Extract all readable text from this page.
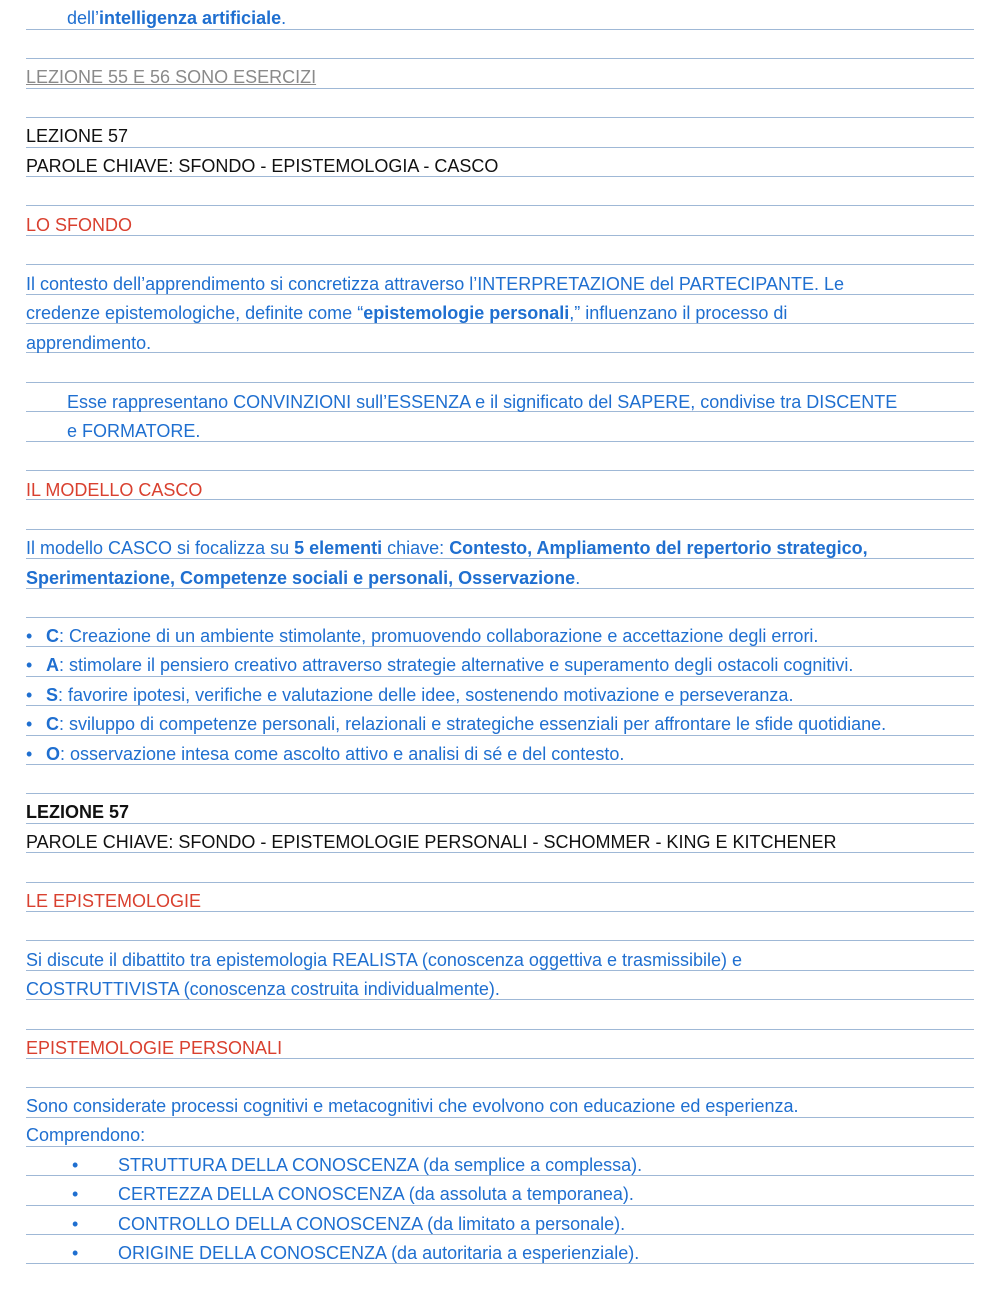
dell’intelligenza artificiale.
LEZIONE 55 E 56 SONO ESERCIZI
LEZIONE 57
PAROLE CHIAVE: SFONDO - EPISTEMOLOGIA - CASCO
LO SFONDO
Il contesto dell’apprendimento si concretizza attraverso l’INTERPRETAZIONE del PARTECIPANTE. Le
credenze epistemologiche, definite come “epistemologie personali,” influenzano il processo di
apprendimento.
Esse rappresentano CONVINZIONI sull’ESSENZA e il significato del SAPERE, condivise tra DISCENTE
e FORMATORE.
IL MODELLO CASCO
Il modello CASCO si focalizza su 5 elementi chiave: Contesto, Ampliamento del repertorio strategico,
Sperimentazione, Competenze sociali e personali, Osservazione.
• C: Creazione di un ambiente stimolante, promuovendo collaborazione e accettazione degli errori.
• A: stimolare il pensiero creativo attraverso strategie alternative e superamento degli ostacoli cognitivi.
• S: favorire ipotesi, verifiche e valutazione delle idee, sostenendo motivazione e perseveranza.
• C: sviluppo di competenze personali, relazionali e strategiche essenziali per affrontare le sfide quotidiane.
• O: osservazione intesa come ascolto attivo e analisi di sé e del contesto.
LEZIONE 57
PAROLE CHIAVE: SFONDO - EPISTEMOLOGIE PERSONALI - SCHOMMER - KING E KITCHENER
LE EPISTEMOLOGIE
Si discute il dibattito tra epistemologia REALISTA (conoscenza oggettiva e trasmissibile) e
COSTRUTTIVISTA (conoscenza costruita individualmente).
EPISTEMOLOGIE PERSONALI
Sono considerate processi cognitivi e metacognitivi che evolvono con educazione ed esperienza.
Comprendono:
•	STRUTTURA DELLA CONOSCENZA (da semplice a complessa).
•	CERTEZZA DELLA CONOSCENZA (da assoluta a temporanea).
•	CONTROLLO DELLA CONOSCENZA (da limitato a personale).
•	ORIGINE DELLA CONOSCENZA (da autoritaria a esperienziale).
